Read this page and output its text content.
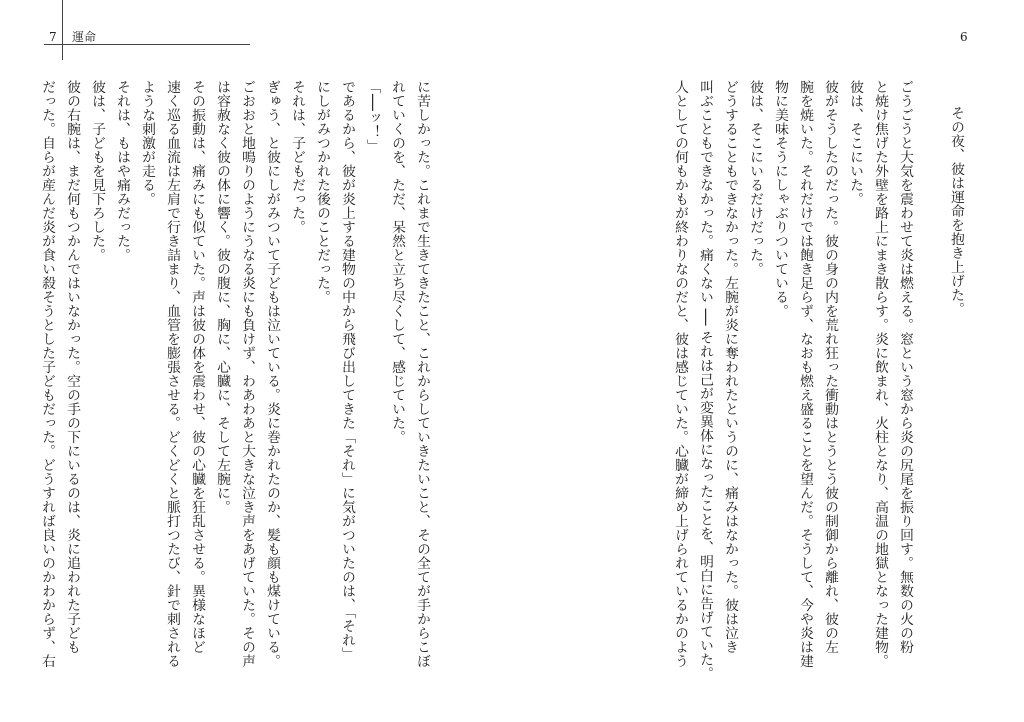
7 運命	6

その夜、彼は運命を抱き上げた。

ごうごうと大気を震わせて炎は燃える。窓という窓から炎の尻尾を振り回す。無数の火の粉

と焼け焦げた外壁を路上にまき散らす。炎に飲まれ、火柱となり、高温の地獄となった建物。

彼は、そこにいた。

彼がそうしたのだった。彼の身の内を荒れ狂った衝動はとうとう彼の制御から離れ、彼の左

腕を焼いた。それだけでは飽き足らず、なおも燃え盛ることを望んだ。そうして、今や炎は建

物に美味そうにしゃぶりついている。

彼は、そこにいるだけだった。

どうすることもできなかった。左腕が炎に奪われたというのに、痛みはなかった。彼は泣き

叫ぶこともできなかった。痛くない ── それは己が変異体になったことを、明白に告げていた。

人としての何もかもが終わりなのだと、彼は感じていた。心臓が締め上げられているかのよう

に苦しかった。これまで生きてきたこと、これからしていきたいこと、その全てが手からこぼ

れていくのを、ただ、呆然と立ち尽くして、感じていた。

「──ッ！」

であるから、彼が炎上する建物の中から飛び出してきた「それ」に気がついたのは、「それ」

にしがみつかれた後のことだった。

それは、子どもだった。

ぎゅう、と彼にしがみついて子どもは泣いている。炎に巻かれたのか、髪も顔も煤けている。

ごおおと地鳴りのようにうなる炎にも負けず、わあわあと大きな泣き声をあげていた。その声

は容赦なく彼の体に響く。彼の腹に、胸に、心臓に、そして左腕に。

その振動は、痛みにも似ていた。声は彼の体を震わせ、彼の心臓を狂乱させる。異様なほど

速く巡る血流は左肩で行き詰まり、血管を膨張させる。どくどくと脈打つたび、針で刺される

ような刺激が走る。

それは、もはや痛みだった。

彼は、子どもを見下ろした。

彼の右腕は、まだ何もつかんではいなかった。空の手の下にいるのは、炎に追われた子ども

だった。自らが産んだ炎が食い殺そうとした子どもだった。どうすれば良いのかわからず、右
